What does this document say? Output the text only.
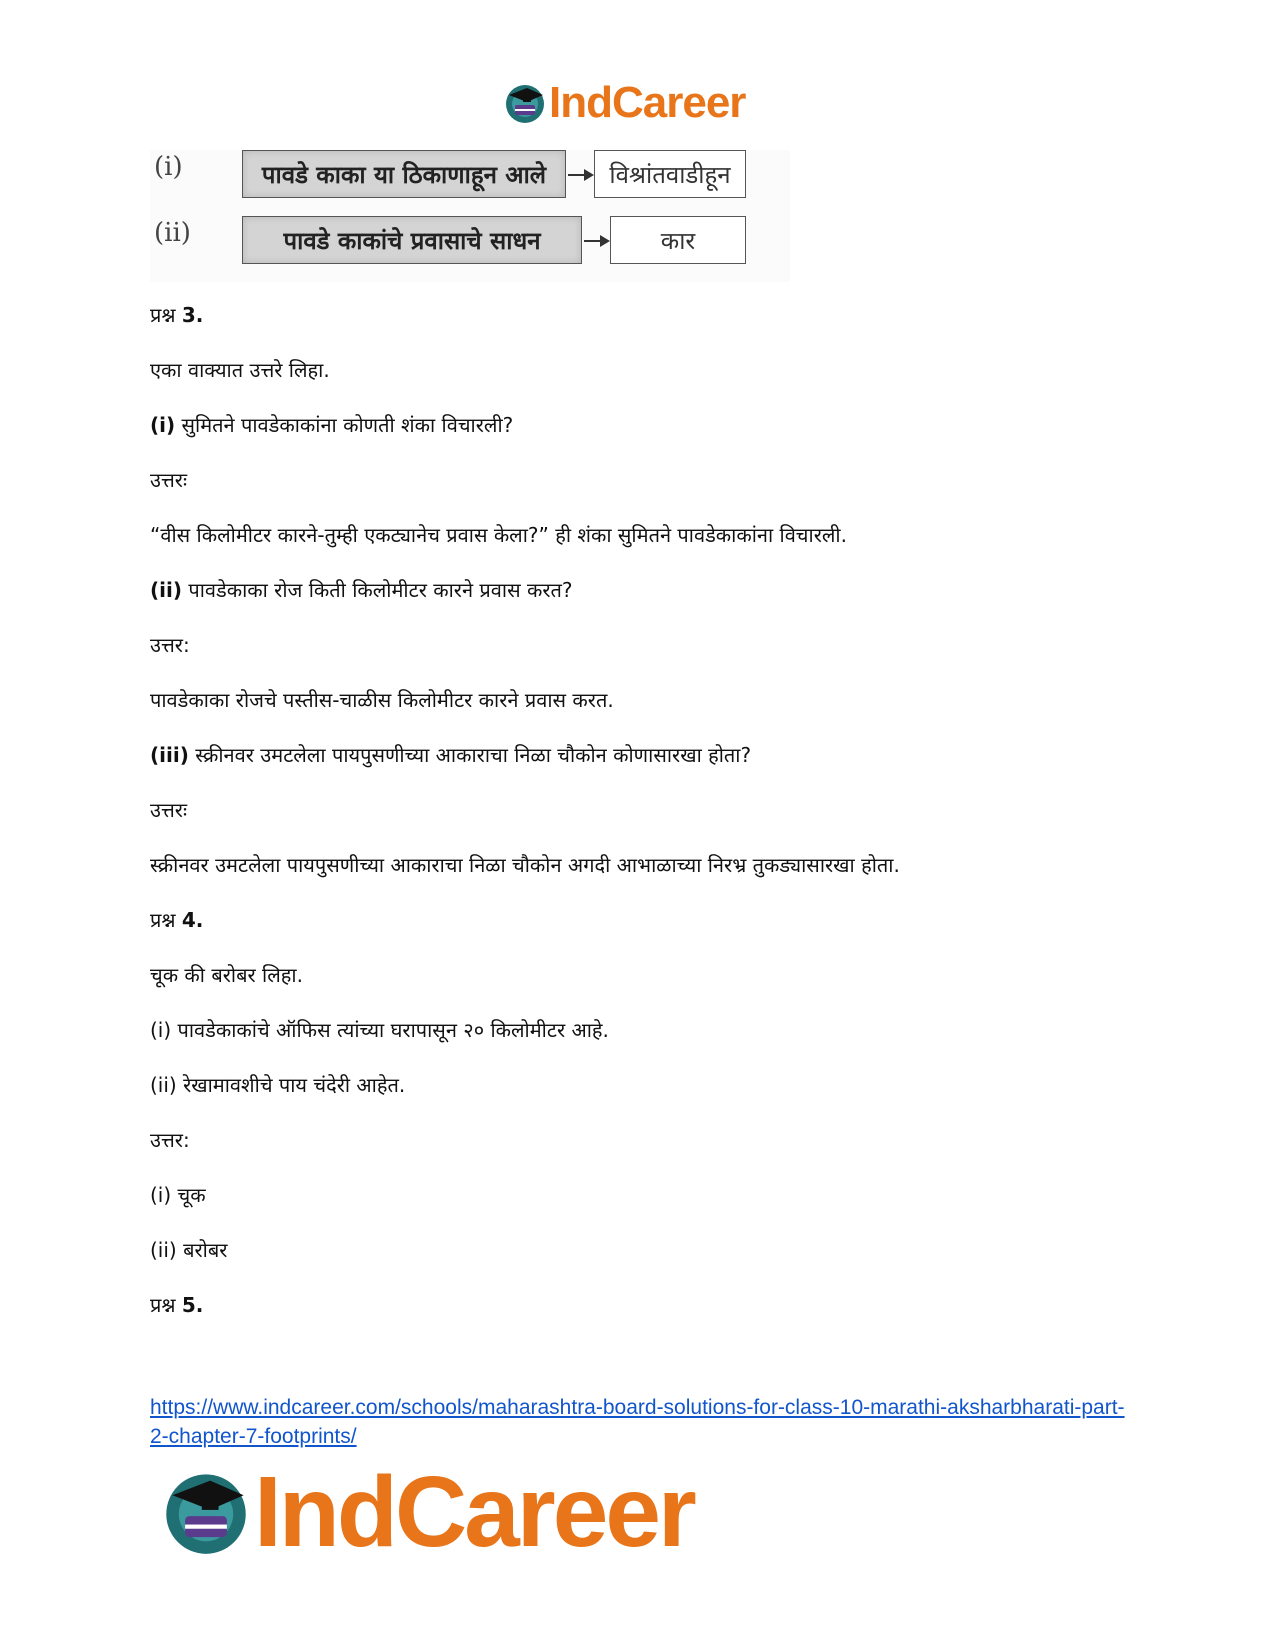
IndCareer
(i)	पावडे काका या ठिकाणाहून आले	विश्रांतवाडीहून
(ii)	पावडे काकांचे प्रवासाचे साधन	कार
प्रश्न 3.
एका वाक्यात उत्तरे लिहा.
(i) सुमितने पावडेकाकांना कोणती शंका विचारली?
उत्तरः
“वीस किलोमीटर कारने-तुम्ही एकट्यानेच प्रवास केला?” ही शंका सुमितने पावडेकाकांना विचारली.
(ii) पावडेकाका रोज किती किलोमीटर कारने प्रवास करत?
उत्तर:
पावडेकाका रोजचे पस्तीस-चाळीस किलोमीटर कारने प्रवास करत.
(iii) स्क्रीनवर उमटलेला पायपुसणीच्या आकाराचा निळा चौकोन कोणासारखा होता?
उत्तरः
स्क्रीनवर उमटलेला पायपुसणीच्या आकाराचा निळा चौकोन अगदी आभाळाच्या निरभ्र तुकड्यासारखा होता.
प्रश्न 4.
चूक की बरोबर लिहा.
(i) पावडेकाकांचे ऑफिस त्यांच्या घरापासून २० किलोमीटर आहे.
(ii) रेखामावशीचे पाय चंदेरी आहेत.
उत्तर:
(i) चूक
(ii) बरोबर
प्रश्न 5.
https://www.indcareer.com/schools/maharashtra-board-solutions-for-class-10-marathi-aksharbharati-part-2-chapter-7-footprints/
IndCareer
